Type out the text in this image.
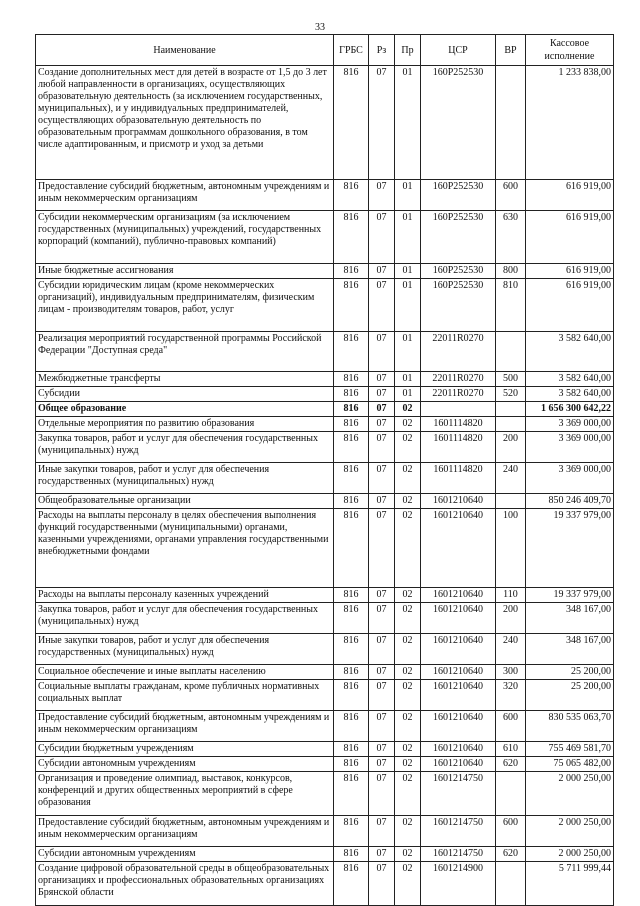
33
Наименование	ГРБС	Рз	Пр	ЦСР	ВР	Кассовое исполнение
Создание дополнительных мест для детей в возрасте от 1,5 до 3 лет любой направленности в организациях, осуществляющих образовательную деятельность (за исключением государственных, муниципальных), и у индивидуальных предпринимателей, осуществляющих образовательную деятельность по образовательным программам дошкольного образования, в том числе адаптированным, и присмотр и уход за детьми	816	07	01	160P252530		1 233 838,00
Предоставление субсидий бюджетным, автономным учреждениям и иным некоммерческим организациям	816	07	01	160P252530	600	616 919,00
Субсидии некоммерческим организациям (за исключением государственных (муниципальных) учреждений, государственных корпораций (компаний), публично-правовых компаний)	816	07	01	160P252530	630	616 919,00
Иные бюджетные ассигнования	816	07	01	160P252530	800	616 919,00
Субсидии юридическим лицам (кроме некоммерческих организаций), индивидуальным предпринимателям, физическим лицам - производителям товаров, работ, услуг	816	07	01	160P252530	810	616 919,00
Реализация мероприятий государственной программы Российской Федерации "Доступная среда"	816	07	01	22011R0270		3 582 640,00
Межбюджетные трансферты	816	07	01	22011R0270	500	3 582 640,00
Субсидии	816	07	01	22011R0270	520	3 582 640,00
Общее образование	816	07	02			1 656 300 642,22
Отдельные мероприятия по развитию образования	816	07	02	1601114820		3 369 000,00
Закупка товаров, работ и услуг для обеспечения государственных (муниципальных) нужд	816	07	02	1601114820	200	3 369 000,00
Иные закупки товаров, работ и услуг для обеспечения государственных (муниципальных) нужд	816	07	02	1601114820	240	3 369 000,00
Общеобразовательные организации	816	07	02	1601210640		850 246 409,70
Расходы на выплаты персоналу в целях обеспечения выполнения функций государственными (муниципальными) органами, казенными учреждениями, органами управления государственными внебюджетными фондами	816	07	02	1601210640	100	19 337 979,00
Расходы на выплаты персоналу казенных учреждений	816	07	02	1601210640	110	19 337 979,00
Закупка товаров, работ и услуг для обеспечения государственных (муниципальных) нужд	816	07	02	1601210640	200	348 167,00
Иные закупки товаров, работ и услуг для обеспечения государственных (муниципальных) нужд	816	07	02	1601210640	240	348 167,00
Социальное обеспечение и иные выплаты населению	816	07	02	1601210640	300	25 200,00
Социальные выплаты гражданам, кроме публичных нормативных социальных выплат	816	07	02	1601210640	320	25 200,00
Предоставление субсидий бюджетным, автономным учреждениям и иным некоммерческим организациям	816	07	02	1601210640	600	830 535 063,70
Субсидии бюджетным учреждениям	816	07	02	1601210640	610	755 469 581,70
Субсидии автономным учреждениям	816	07	02	1601210640	620	75 065 482,00
Организация и проведение олимпиад, выставок, конкурсов, конференций и других общественных мероприятий в сфере образования	816	07	02	1601214750		2 000 250,00
Предоставление субсидий бюджетным, автономным учреждениям и иным некоммерческим организациям	816	07	02	1601214750	600	2 000 250,00
Субсидии автономным учреждениям	816	07	02	1601214750	620	2 000 250,00
Создание цифровой образовательной среды в общеобразовательных организациях и профессиональных образовательных организациях Брянской области	816	07	02	1601214900		5 711 999,44
